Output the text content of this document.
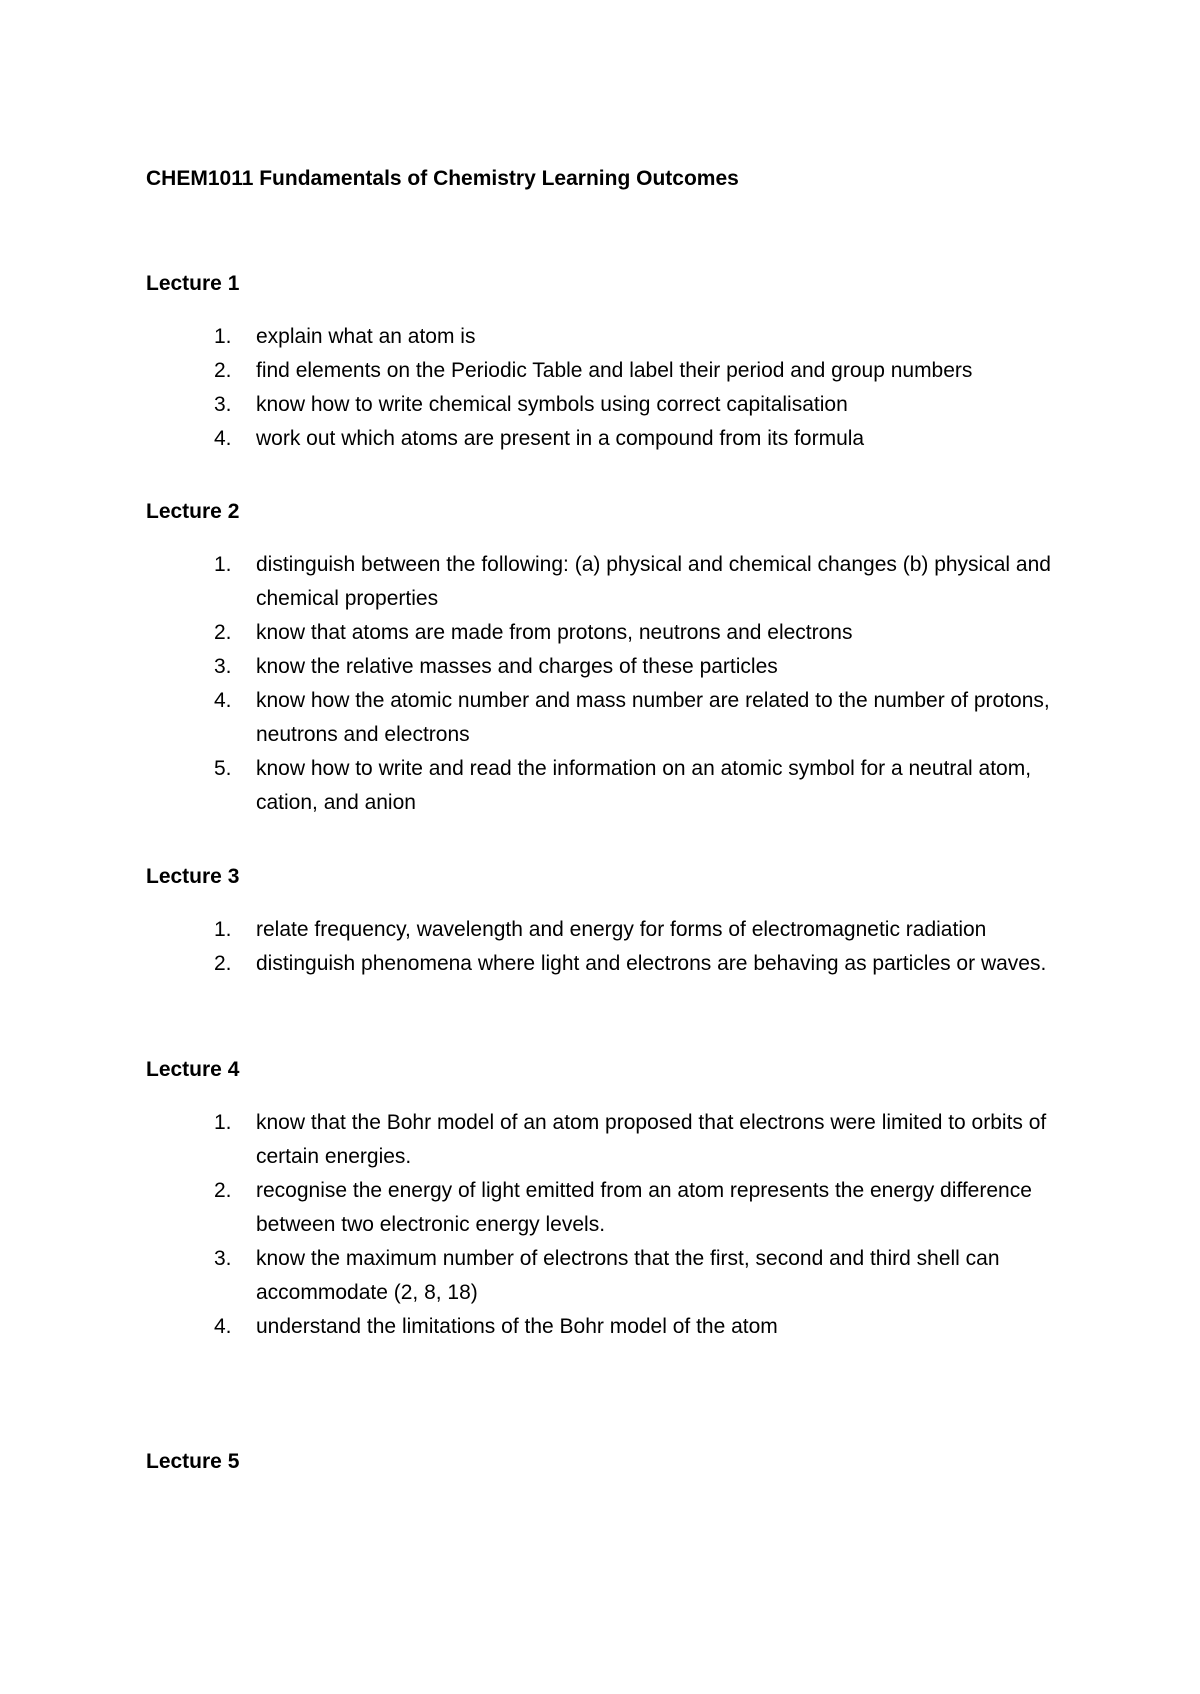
CHEM1011 Fundamentals of Chemistry Learning Outcomes
Lecture 1
1. explain what an atom is
2. find elements on the Periodic Table and label their period and group numbers
3. know how to write chemical symbols using correct capitalisation
4. work out which atoms are present in a compound from its formula
Lecture 2
1. distinguish between the following: (a) physical and chemical changes (b) physical and chemical properties
2. know that atoms are made from protons, neutrons and electrons
3. know the relative masses and charges of these particles
4. know how the atomic number and mass number are related to the number of protons, neutrons and electrons
5. know how to write and read the information on an atomic symbol for a neutral atom, cation, and anion
Lecture 3
1. relate frequency, wavelength and energy for forms of electromagnetic radiation
2. distinguish phenomena where light and electrons are behaving as particles or waves.
Lecture 4
1. know that the Bohr model of an atom proposed that electrons were limited to orbits of certain energies.
2. recognise the energy of light emitted from an atom represents the energy difference between two electronic energy levels.
3. know the maximum number of electrons that the first, second and third shell can accommodate (2, 8, 18)
4. understand the limitations of the Bohr model of the atom
Lecture 5
